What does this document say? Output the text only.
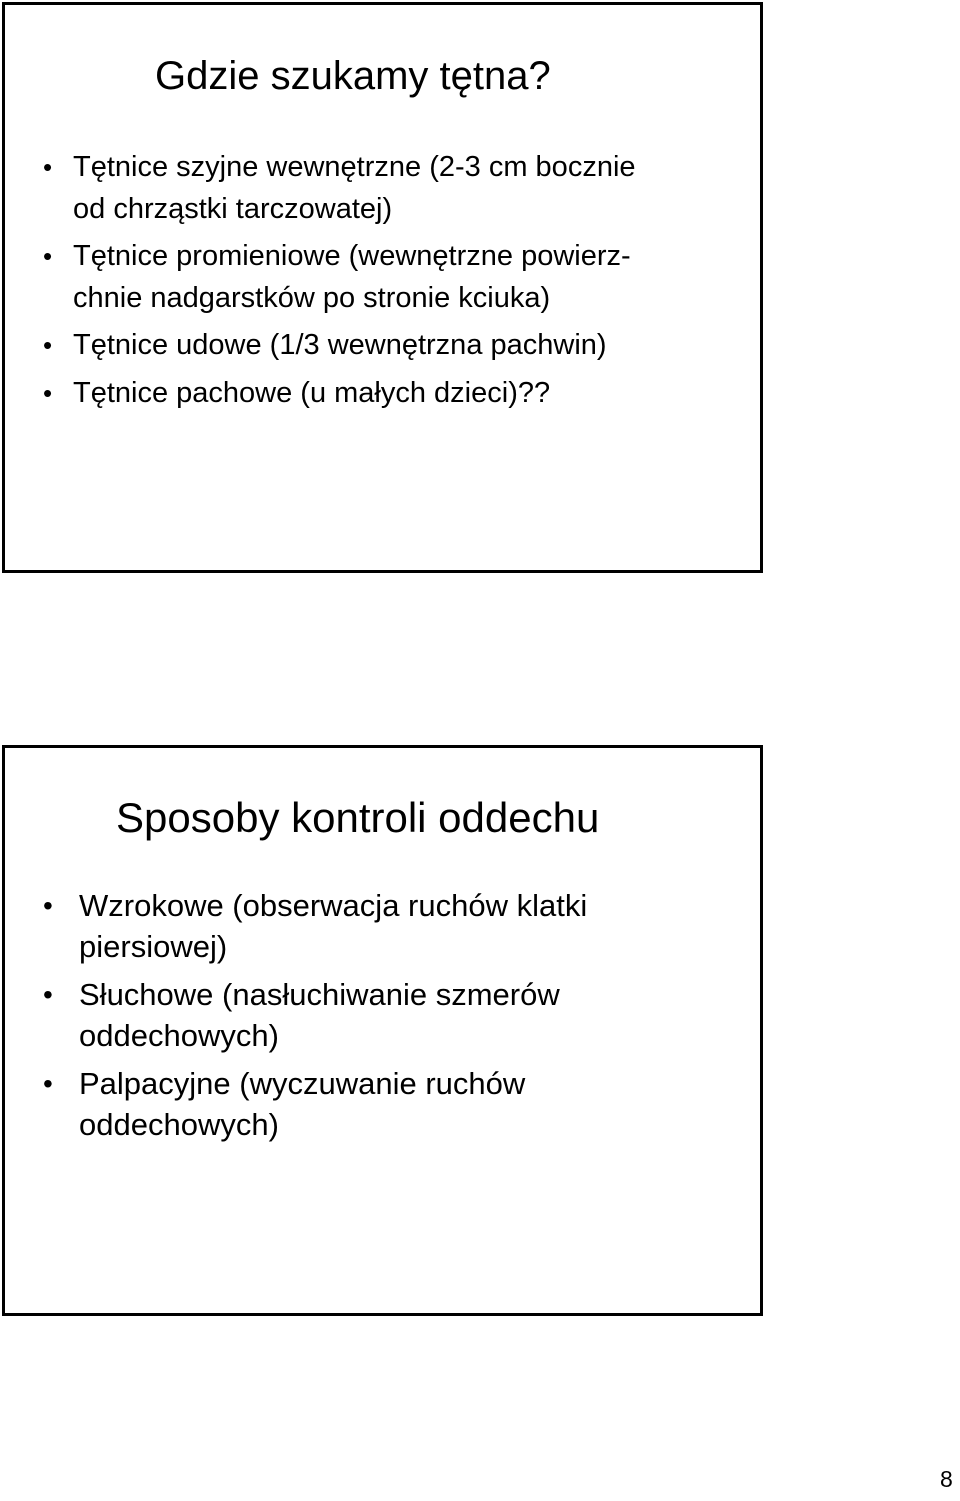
Gdzie szukamy tętna?
• Tętnice szyjne wewnętrzne (2-3 cm bocznie
od chrząstki tarczowatej)
• Tętnice promieniowe (wewnętrzne powierz-
chnie nadgarstków po stronie kciuka)
• Tętnice udowe (1/3 wewnętrzna pachwin)
• Tętnice pachowe (u małych dzieci)??
Sposoby kontroli oddechu
• Wzrokowe (obserwacja ruchów klatki
piersiowej)
• Słuchowe (nasłuchiwanie szmerów
oddechowych)
• Palpacyjne (wyczuwanie ruchów
oddechowych)
8
